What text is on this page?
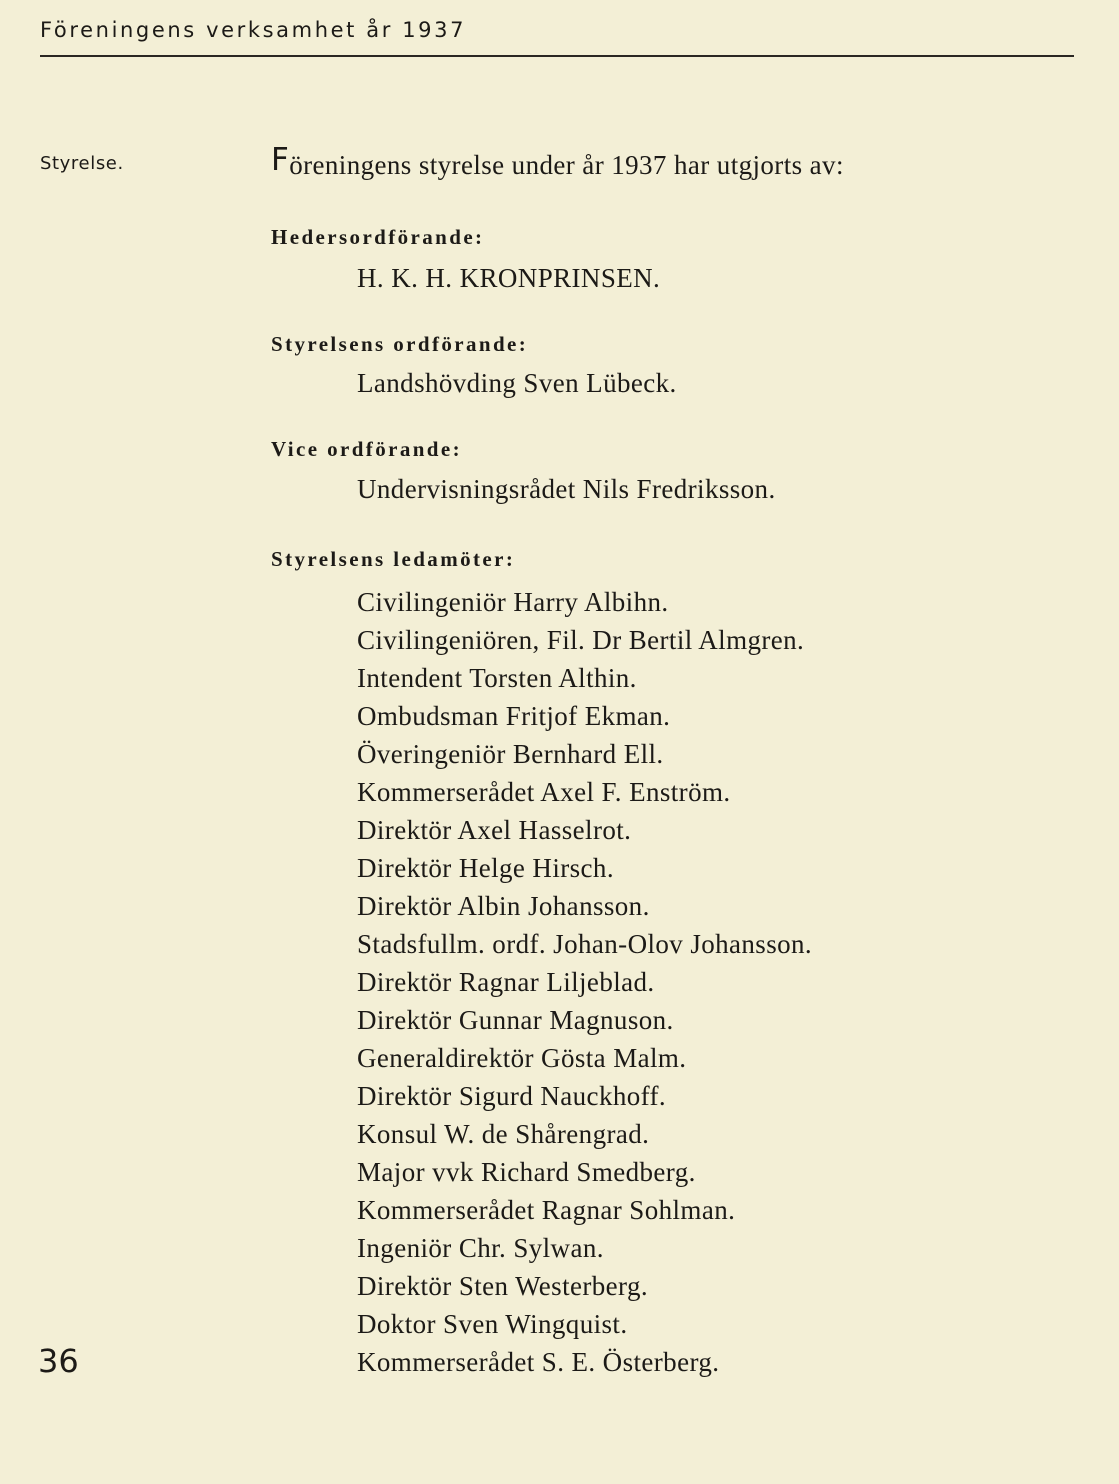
Föreningens verksamhet år 1937
Styrelse.	Föreningens styrelse under år 1937 har utgjorts av:
Hedersordförande:
H. K. H. KRONPRINSEN.
Styrelsens ordförande:
Landshövding Sven Lübeck.
Vice ordförande:
Undervisningsrådet Nils Fredriksson.
Styrelsens ledamöter:
Civilingeniör Harry Albihn.
Civilingeniören, Fil. Dr Bertil Almgren.
Intendent Torsten Althin.
Ombudsman Fritjof Ekman.
Överingeniör Bernhard Ell.
Kommerserådet Axel F. Enström.
Direktör Axel Hasselrot.
Direktör Helge Hirsch.
Direktör Albin Johansson.
Stadsfullm. ordf. Johan-Olov Johansson.
Direktör Ragnar Liljeblad.
Direktör Gunnar Magnuson.
Generaldirektör Gösta Malm.
Direktör Sigurd Nauckhoff.
Konsul W. de Shårengrad.
Major vvk Richard Smedberg.
Kommerserådet Ragnar Sohlman.
Ingeniör Chr. Sylwan.
Direktör Sten Westerberg.
Doktor Sven Wingquist.
Kommerserådet S. E. Österberg.
36
